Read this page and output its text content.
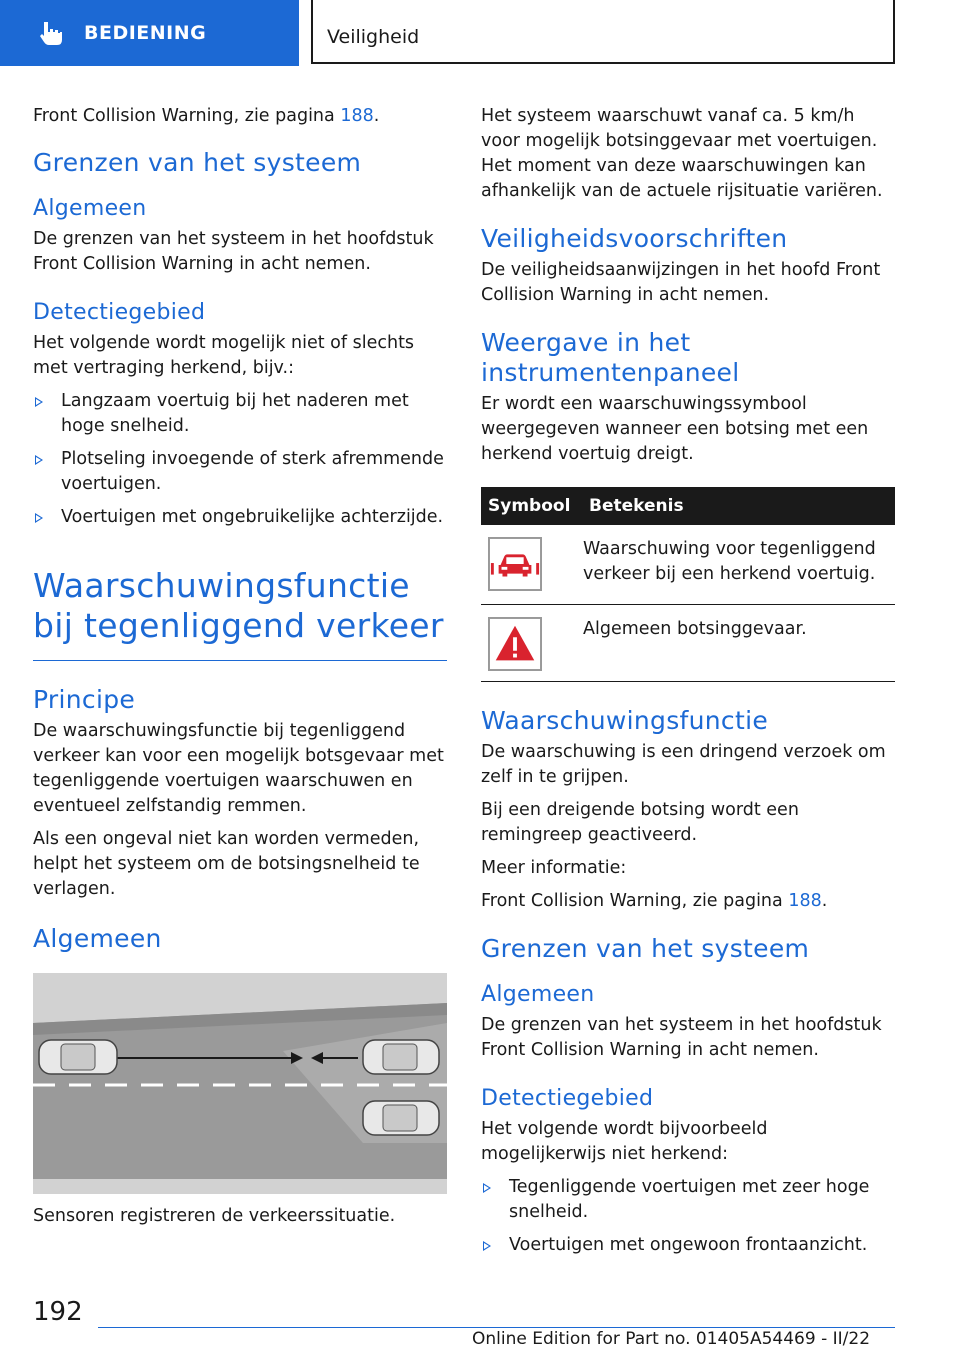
BEDIENING	Veiligheid

Front Collision Warning, zie pagina 188.

Grenzen van het systeem
Algemeen

De grenzen van het systeem in het hoofdstuk Front Collision Warning in acht nemen.

Detectiegebied

Het volgende wordt mogelijk niet of slechts met vertraging herkend, bijv.:

Langzaam voertuig bij het naderen met hoge snelheid.
Plotseling invoegende of sterk afremmende voertuigen.
Voertuigen met ongebruikelijke achterzijde.
Waarschuwingsfunctie bij tegenliggend verkeer
Principe

De waarschuwingsfunctie bij tegenliggend verkeer kan voor een mogelijk botsgevaar met tegenliggende voertuigen waarschuwen en eventueel zelfstandig remmen.

Als een ongeval niet kan worden vermeden, helpt het systeem om de botsingsnelheid te verlagen.

Algemeen

Sensoren registreren de verkeerssituatie.

Het systeem waarschuwt vanaf ca. 5 km/h voor mogelijk botsinggevaar met voertuigen. Het moment van deze waarschuwingen kan afhankelijk van de actuele rijsituatie variëren.

Veiligheidsvoorschriften

De veiligheidsaanwijzingen in het hoofd Front Collision Warning in acht nemen.

Weergave in het instrumentenpaneel

Er wordt een waarschuwingssymbool weergegeven wanneer een botsing met een herkend voertuig dreigt.

Symbool	Betekenis
	Waarschuwing voor tegenliggend verkeer bij een herkend voertuig.
	Algemeen botsinggevaar.
Waarschuwingsfunctie

De waarschuwing is een dringend verzoek om zelf in te grijpen.

Bij een dreigende botsing wordt een remingreep geactiveerd.

Meer informatie:

Front Collision Warning, zie pagina 188.

Grenzen van het systeem
Algemeen

De grenzen van het systeem in het hoofdstuk Front Collision Warning in acht nemen.

Detectiegebied

Het volgende wordt bijvoorbeeld mogelijkerwijs niet herkend:

Tegenliggende voertuigen met zeer hoge snelheid.
Voertuigen met ongewoon frontaanzicht.
192
Online Edition for Part no. 01405A54469 - II/22
